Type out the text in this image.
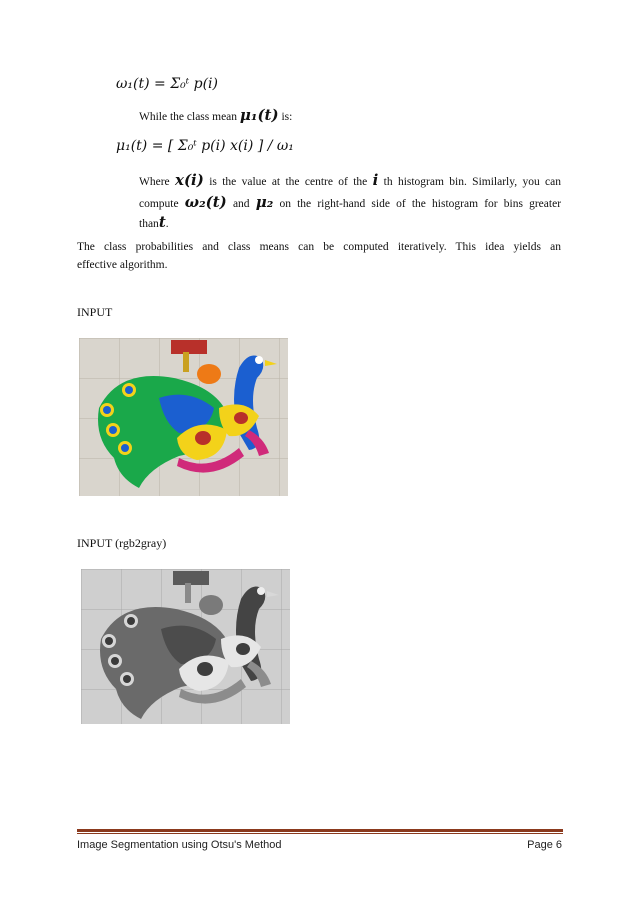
ω₁(t) = Σ₀ᵗ p(i)
While the class mean μ₁(t) is:
μ₁(t) = [ Σ₀ᵗ p(i) x(i) ] / ω₁
Where x(i) is the value at the centre of the i th histogram bin. Similarly, you can
compute ω₂(t) and μ₂ on the right-hand side of the histogram for bins greater
thant.
The class probabilities and class means can be computed iteratively. This idea yields an
effective algorithm.
INPUT
INPUT (rgb2gray)
Image Segmentation using Otsu's Method	Page 6
